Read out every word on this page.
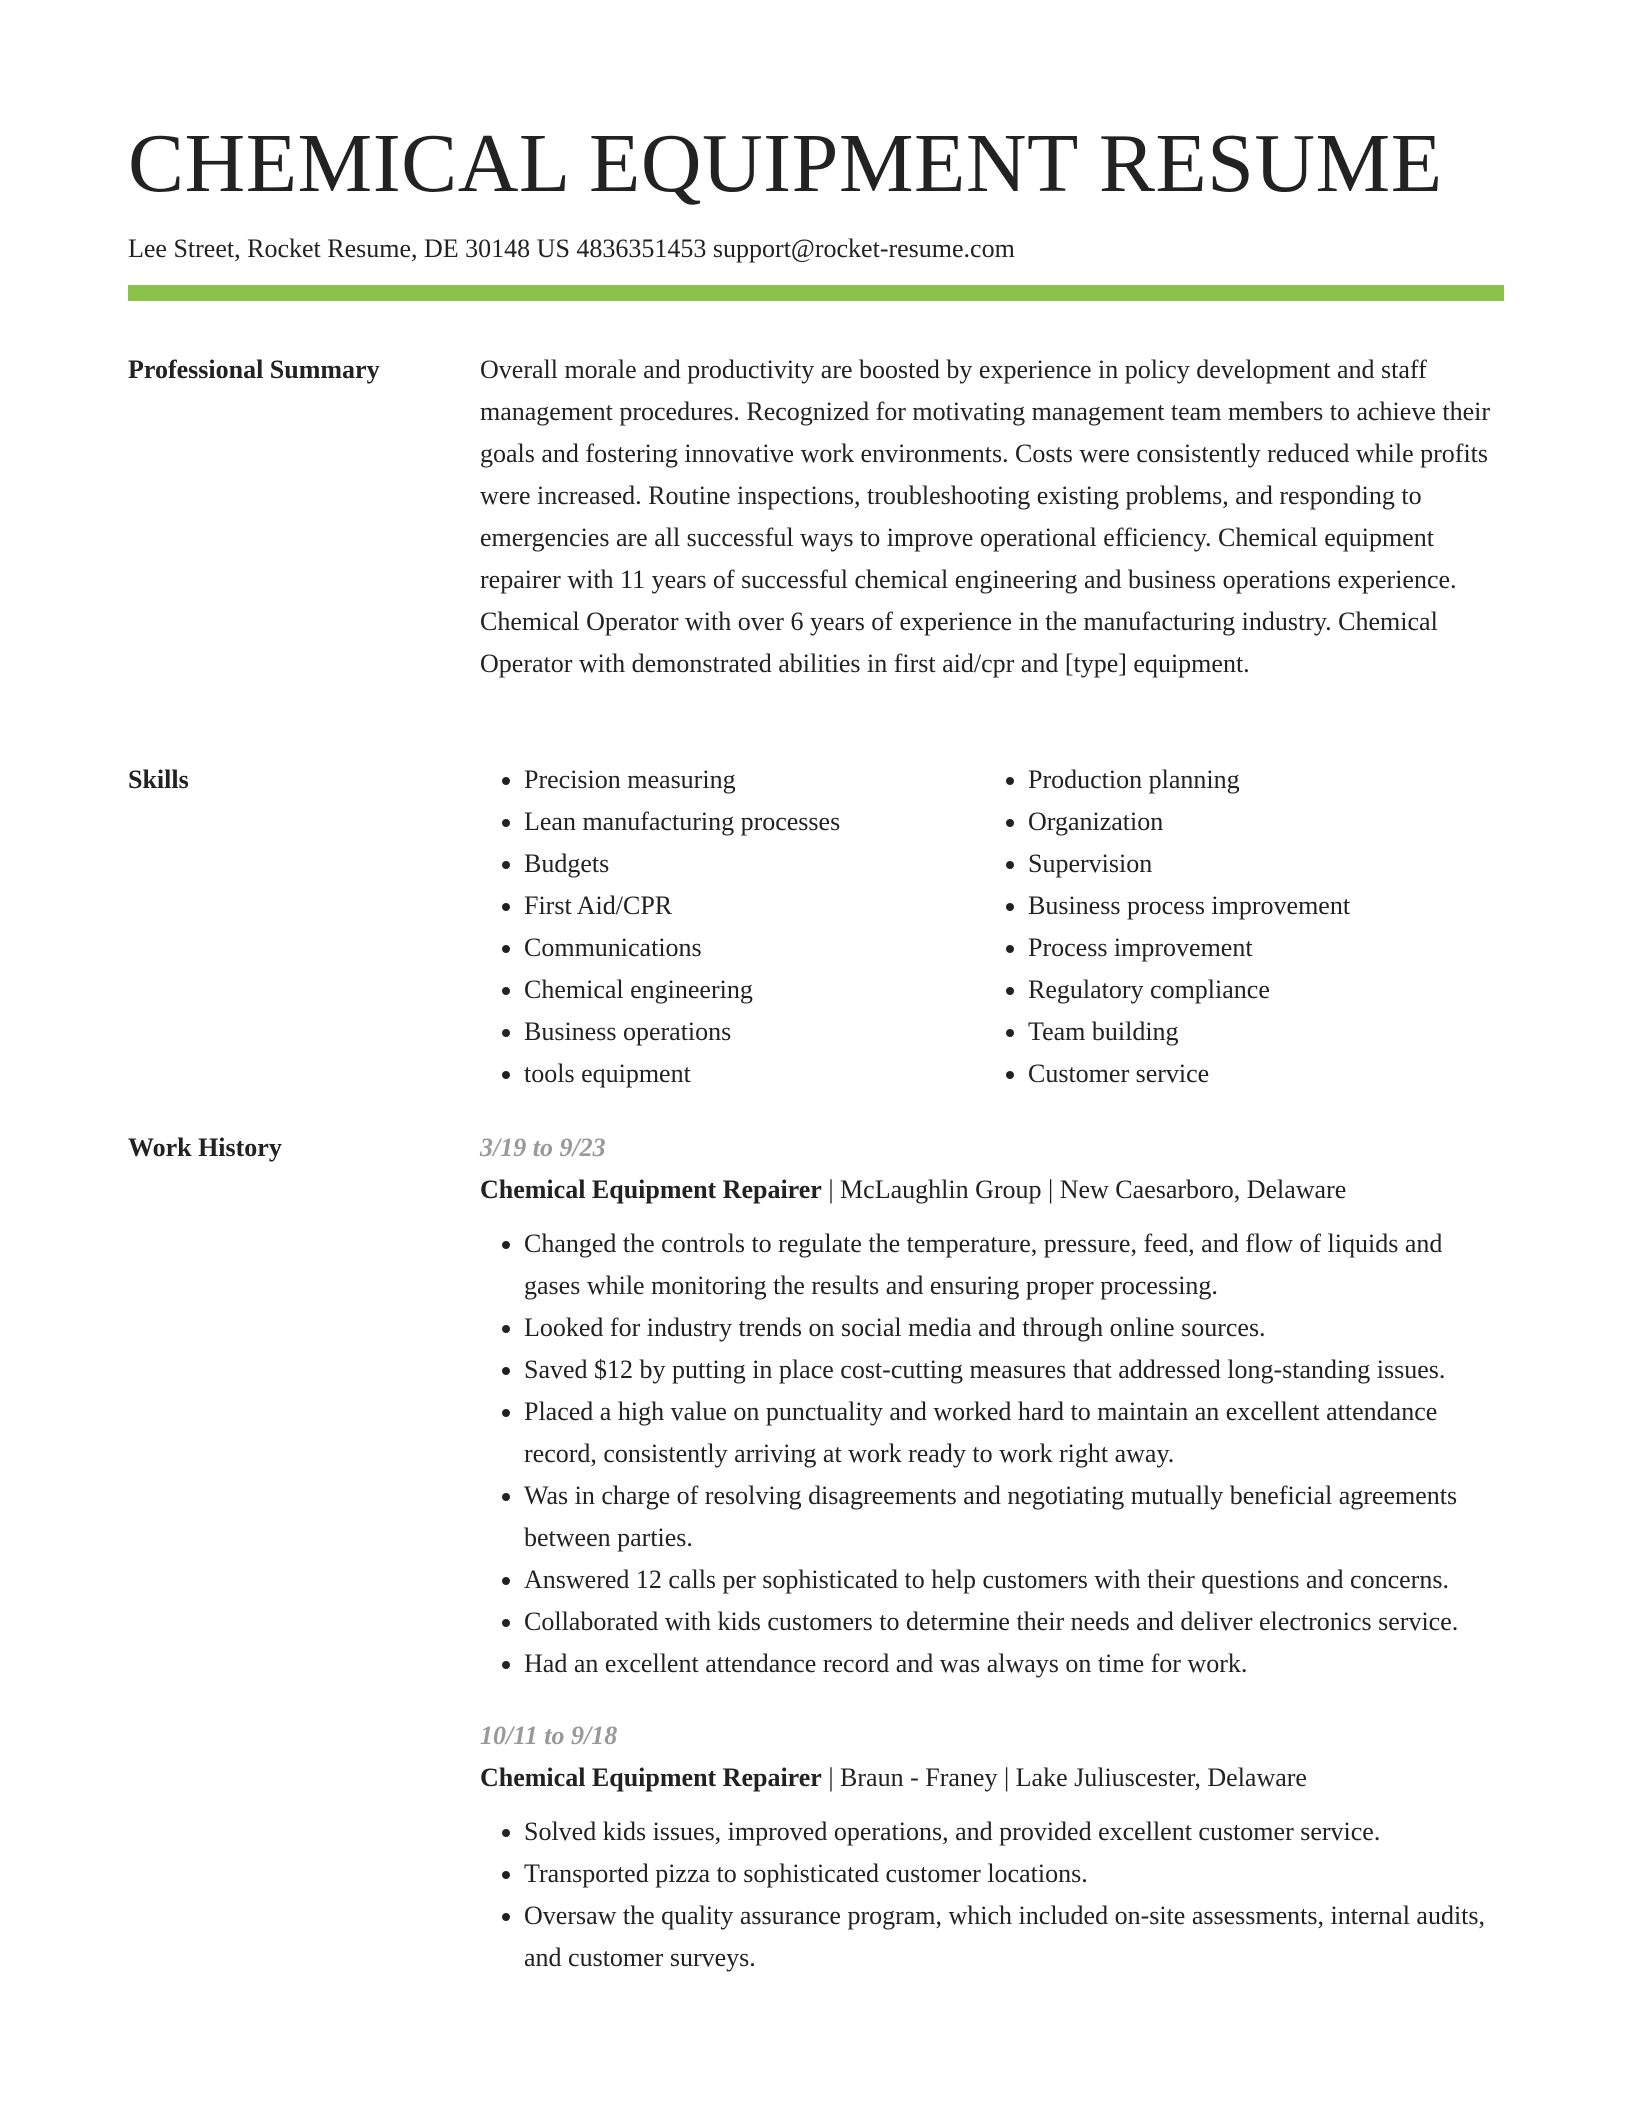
CHEMICAL EQUIPMENT RESUME
Lee Street, Rocket Resume, DE 30148 US 4836351453 support@rocket-resume.com
Professional Summary	Overall morale and productivity are boosted by experience in policy development and staff management procedures. Recognized for motivating management team members to achieve their goals and fostering innovative work environments. Costs were consistently reduced while profits were increased. Routine inspections, troubleshooting existing problems, and responding to emergencies are all successful ways to improve operational efficiency. Chemical equipment repairer with 11 years of successful chemical engineering and business operations experience. Chemical Operator with over 6 years of experience in the manufacturing industry. Chemical Operator with demonstrated abilities in first aid/cpr and [type] equipment.

Skills
•	Precision measuring
• Lean manufacturing processes
• Budgets
• First Aid/CPR
• Communications
• Chemical engineering
• Business operations
• tools equipment
• Production planning
• Organization
• Supervision
• Business process improvement
• Process improvement
• Regulatory compliance
• Team building
• Customer service
Work History	3/19 to 9/23
Chemical Equipment Repairer | McLaughlin Group | New Caesarboro, Delaware
• Changed the controls to regulate the temperature, pressure, feed, and flow of liquids and gases while monitoring the results and ensuring proper processing.
• Looked for industry trends on social media and through online sources.
• Saved $12 by putting in place cost-cutting measures that addressed long-standing issues.
• Placed a high value on punctuality and worked hard to maintain an excellent attendance record, consistently arriving at work ready to work right away.
• Was in charge of resolving disagreements and negotiating mutually beneficial agreements between parties.
• Answered 12 calls per sophisticated to help customers with their questions and concerns.
• Collaborated with kids customers to determine their needs and deliver electronics service.
• Had an excellent attendance record and was always on time for work.
10/11 to 9/18
Chemical Equipment Repairer | Braun - Franey | Lake Juliuscester, Delaware
• Solved kids issues, improved operations, and provided excellent customer service.
• Transported pizza to sophisticated customer locations.
• Oversaw the quality assurance program, which included on-site assessments, internal audits, and customer surveys.
